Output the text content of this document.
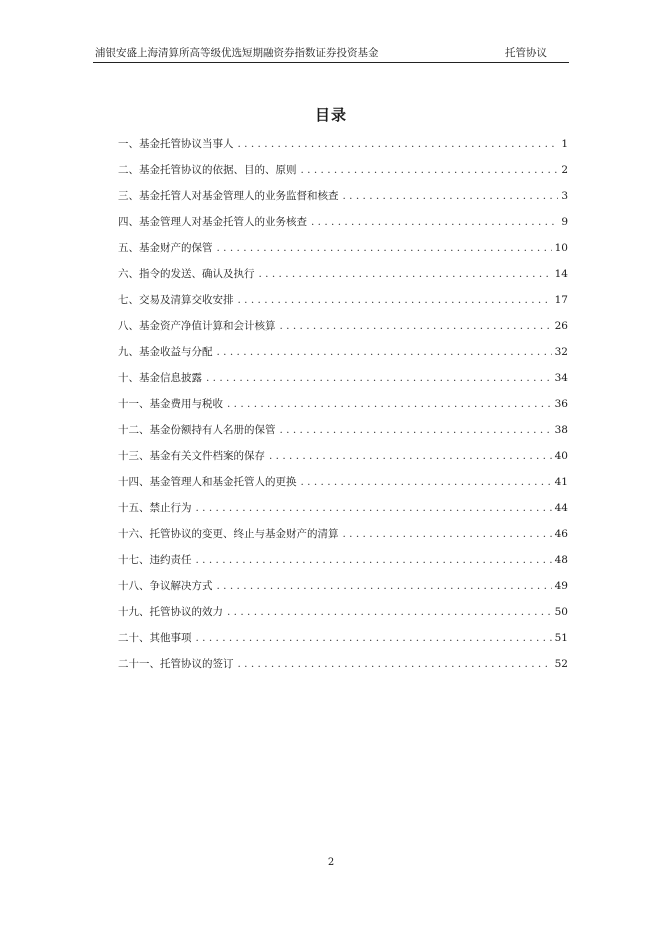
浦银安盛上海清算所高等级优选短期融资券指数证券投资基金	托管协议
目录
一、基金托管协议当事人 . . .	1
二、基金托管协议的依据、目的、原则 . . .	2
三、基金托管人对基金管理人的业务监督和核查 . . .	3
四、基金管理人对基金托管人的业务核查 . . .	9
五、基金财产的保管 . . .	10
六、指令的发送、确认及执行 . . .	14
七、交易及清算交收安排 . . .	17
八、基金资产净值计算和会计核算 . . .	26
九、基金收益与分配 . . .	32
十、基金信息披露 . . .	34
十一、基金费用与税收 . . .	36
十二、基金份额持有人名册的保管 . . .	38
十三、基金有关文件档案的保存 . . .	40
十四、基金管理人和基金托管人的更换 . . .	41
十五、禁止行为 . . .	44
十六、托管协议的变更、终止与基金财产的清算 . . .	46
十七、违约责任 . . .	48
十八、争议解决方式 . . .	49
十九、托管协议的效力 . . .	50
二十、其他事项 . . .	51
二十一、托管协议的签订 . . .	52
2
